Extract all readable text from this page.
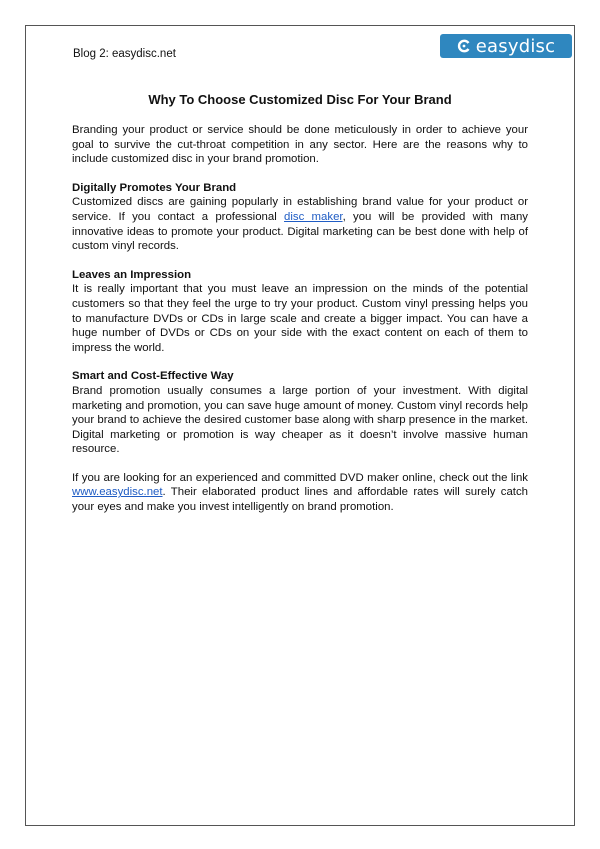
Blog 2: easydisc.net	easydisc
Why To Choose Customized Disc For Your Brand

Branding your product or service should be done meticulously in order to achieve your goal to survive the cut-throat competition in any sector. Here are the reasons why to include customized disc in your brand promotion.

Digitally Promotes Your Brand

Customized discs are gaining popularly in establishing brand value for your product or service. If you contact a professional disc maker, you will be provided with many innovative ideas to promote your product. Digital marketing can be best done with help of custom vinyl records.

Leaves an Impression

It is really important that you must leave an impression on the minds of the potential customers so that they feel the urge to try your product. Custom vinyl pressing helps you to manufacture DVDs or CDs in large scale and create a bigger impact. You can have a huge number of DVDs or CDs on your side with the exact content on each of them to impress the world.

Smart and Cost-Effective Way

Brand promotion usually consumes a large portion of your investment. With digital marketing and promotion, you can save huge amount of money. Custom vinyl records help your brand to achieve the desired customer base along with sharp presence in the market. Digital marketing or promotion is way cheaper as it doesn’t involve massive human resource.

If you are looking for an experienced and committed DVD maker online, check out the link www.easydisc.net. Their elaborated product lines and affordable rates will surely catch your eyes and make you invest intelligently on brand promotion.
